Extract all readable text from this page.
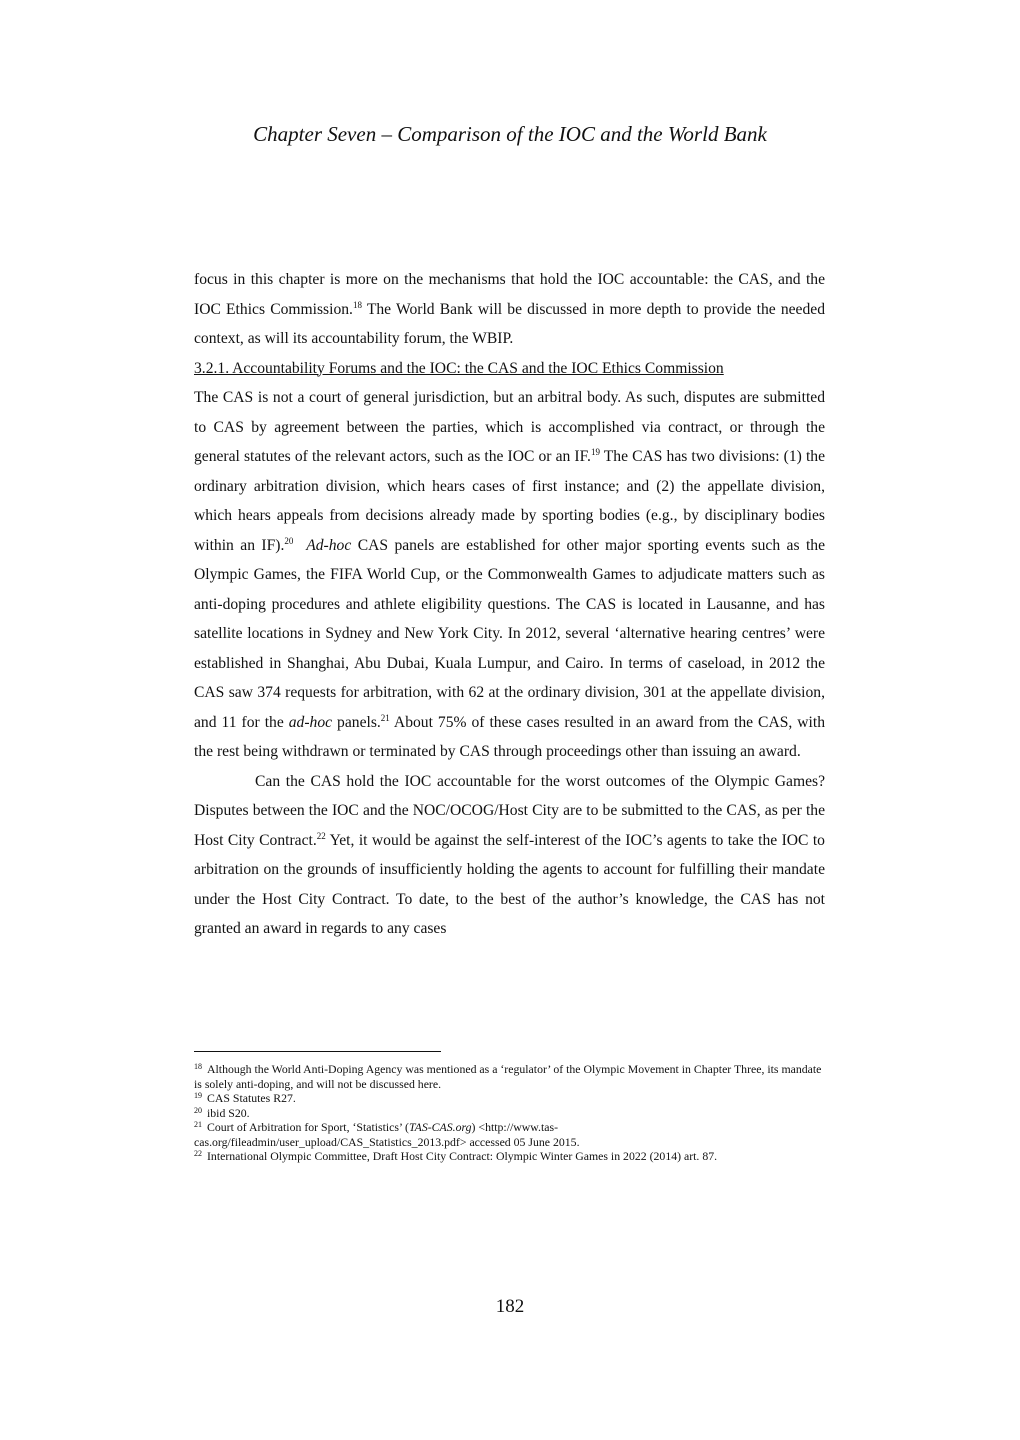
Chapter Seven – Comparison of the IOC and the World Bank

focus in this chapter is more on the mechanisms that hold the IOC accountable: the CAS, and the IOC Ethics Commission.$^{18}$ The World Bank will be discussed in more depth to provide the needed context, as will its accountability forum, the WBIP.

3.2.1. Accountability Forums and the IOC: the CAS and the IOC Ethics Commission

The CAS is not a court of general jurisdiction, but an arbitral body. As such, disputes are submitted to CAS by agreement between the parties, which is accomplished via contract, or through the general statutes of the relevant actors, such as the IOC or an IF.$^{19}$ The CAS has two divisions: (1) the ordinary arbitration division, which hears cases of first instance; and (2) the appellate division, which hears appeals from decisions already made by sporting bodies (e.g., by disciplinary bodies within an IF).$^{20}$ Ad-hoc CAS panels are established for other major sporting events such as the Olympic Games, the FIFA World Cup, or the Commonwealth Games to adjudicate matters such as anti-doping procedures and athlete eligibility questions. The CAS is located in Lausanne, and has satellite locations in Sydney and New York City. In 2012, several ‘alternative hearing centres’ were established in Shanghai, Abu Dubai, Kuala Lumpur, and Cairo. In terms of caseload, in 2012 the CAS saw 374 requests for arbitration, with 62 at the ordinary division, 301 at the appellate division, and 11 for the ad-hoc panels.$^{21}$ About 75% of these cases resulted in an award from the CAS, with the rest being withdrawn or terminated by CAS through proceedings other than issuing an award.

Can the CAS hold the IOC accountable for the worst outcomes of the Olympic Games? Disputes between the IOC and the NOC/OCOG/Host City are to be submitted to the CAS, as per the Host City Contract.$^{22}$ Yet, it would be against the self-interest of the IOC’s agents to take the IOC to arbitration on the grounds of insufficiently holding the agents to account for fulfilling their mandate under the Host City Contract. To date, to the best of the author’s knowledge, the CAS has not granted an award in regards to any cases

$^{18}$ Although the World Anti-Doping Agency was mentioned as a ‘regulator’ of the Olympic Movement in Chapter Three, its mandate is solely anti-doping, and will not be discussed here.

$^{19}$ CAS Statutes R27.

$^{20}$ ibid S20.

$^{21}$ Court of Arbitration for Sport, ‘Statistics’ (TAS-CAS.org) <http://www.tas-cas.org/fileadmin/user_upload/CAS_Statistics_2013.pdf> accessed 05 June 2015.

$^{22}$ International Olympic Committee, Draft Host City Contract: Olympic Winter Games in 2022 (2014) art. 87.

182
